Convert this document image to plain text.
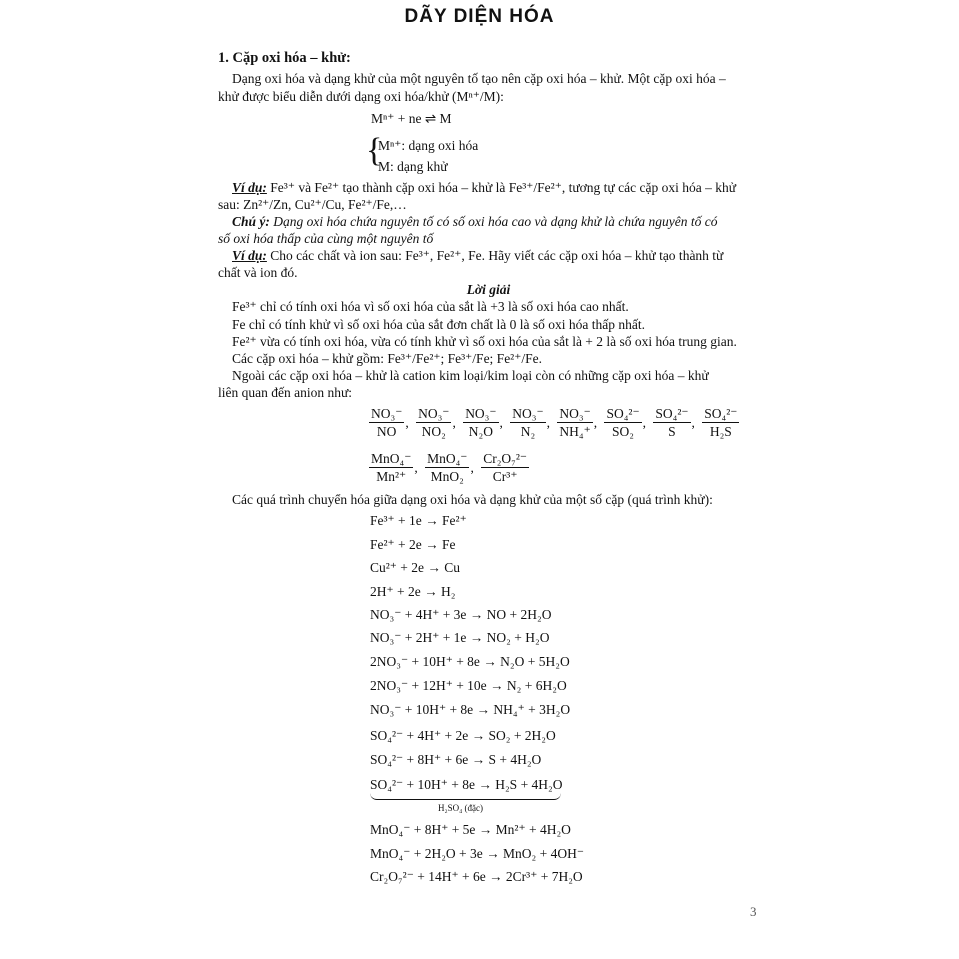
DÃY DIỆN HÓA
1. Cặp oxi hóa – khử:
Dạng oxi hóa và dạng khử của một nguyên tố tạo nên cặp oxi hóa – khử. Một cặp oxi hóa –
khử được biểu diễn dưới dạng oxi hóa/khử (Mⁿ⁺/M):
Mⁿ⁺ + ne ⇌ M
{
Mⁿ⁺: dạng oxi hóa
M: dạng khử
Ví dụ: Fe³⁺ và Fe²⁺ tạo thành cặp oxi hóa – khử là Fe³⁺/Fe²⁺, tương tự các cặp oxi hóa – khử
sau: Zn²⁺/Zn, Cu²⁺/Cu, Fe²⁺/Fe,…
Chú ý: Dạng oxi hóa chứa nguyên tố có số oxi hóa cao và dạng khử là chứa nguyên tố có
số oxi hóa thấp của cùng một nguyên tố
Ví dụ: Cho các chất và ion sau: Fe³⁺, Fe²⁺, Fe. Hãy viết các cặp oxi hóa – khử tạo thành từ
chất và ion đó.
Lời giải
Fe³⁺ chỉ có tính oxi hóa vì số oxi hóa của sắt là +3 là số oxi hóa cao nhất.
Fe chỉ có tính khử vì số oxi hóa của sắt đơn chất là 0 là số oxi hóa thấp nhất.
Fe²⁺ vừa có tính oxi hóa, vừa có tính khử vì số oxi hóa của sắt là + 2 là số oxi hóa trung gian.
Các cặp oxi hóa – khử gồm: Fe³⁺/Fe²⁺; Fe³⁺/Fe; Fe²⁺/Fe.
Ngoài các cặp oxi hóa – khử là cation kim loại/kim loại còn có những cặp oxi hóa – khử
liên quan đến anion như:
$\frac{\text{NO₃⁻}}{NO}$ , $\frac{\text{NO₃⁻}}{\text{NO₂}}$ , $\frac{\text{NO₃⁻}}{\text{N₂O}}$ , $\frac{\text{NO₃⁻}}{\text{N₂}}$ , $\frac{\text{NO₃⁻}}{\text{NH₄⁺}}$ , $\frac{\text{SO₄²⁻}}{\text{SO₂}}$ , $\frac{\text{SO₄²⁻}}{S}$ , $\frac{\text{SO₄²⁻}}{\text{H₂S}}$
$\frac{\text{MnO₄⁻}}{\text{Mn²⁺}}$ , $\frac{\text{MnO₄⁻}}{\text{MnO₂}}$ , $\frac{\text{Cr₂O₇²⁻}}{\text{Cr³⁺}}$
Các quá trình chuyển hóa giữa dạng oxi hóa và dạng khử của một số cặp (quá trình khử):
Fe³⁺ + 1e → Fe²⁺
Fe²⁺ + 2e → Fe
Cu²⁺ + 2e → Cu
2H⁺ + 2e → H₂
NO₃⁻ + 4H⁺ + 3e → NO + 2H₂O
NO₃⁻ + 2H⁺ + 1e → NO₂ + H₂O
2NO₃⁻ + 10H⁺ + 8e → N₂O + 5H₂O
2NO₃⁻ + 12H⁺ + 10e → N₂ + 6H₂O
NO₃⁻ + 10H⁺ + 8e → NH₄⁺ + 3H₂O
SO₄²⁻ + 4H⁺ + 2e → SO₂ + 2H₂O
SO₄²⁻ + 8H⁺ + 6e → S + 4H₂O
SO₄²⁻ + 10H⁺ + 8e → H₂S + 4H₂O
H₂SO₄ (đặc)
MnO₄⁻ + 8H⁺ + 5e → Mn²⁺ + 4H₂O
MnO₄⁻ + 2H₂O + 3e → MnO₂ + 4OH⁻
Cr₂O₇²⁻ + 14H⁺ + 6e → 2Cr³⁺ + 7H₂O
3
